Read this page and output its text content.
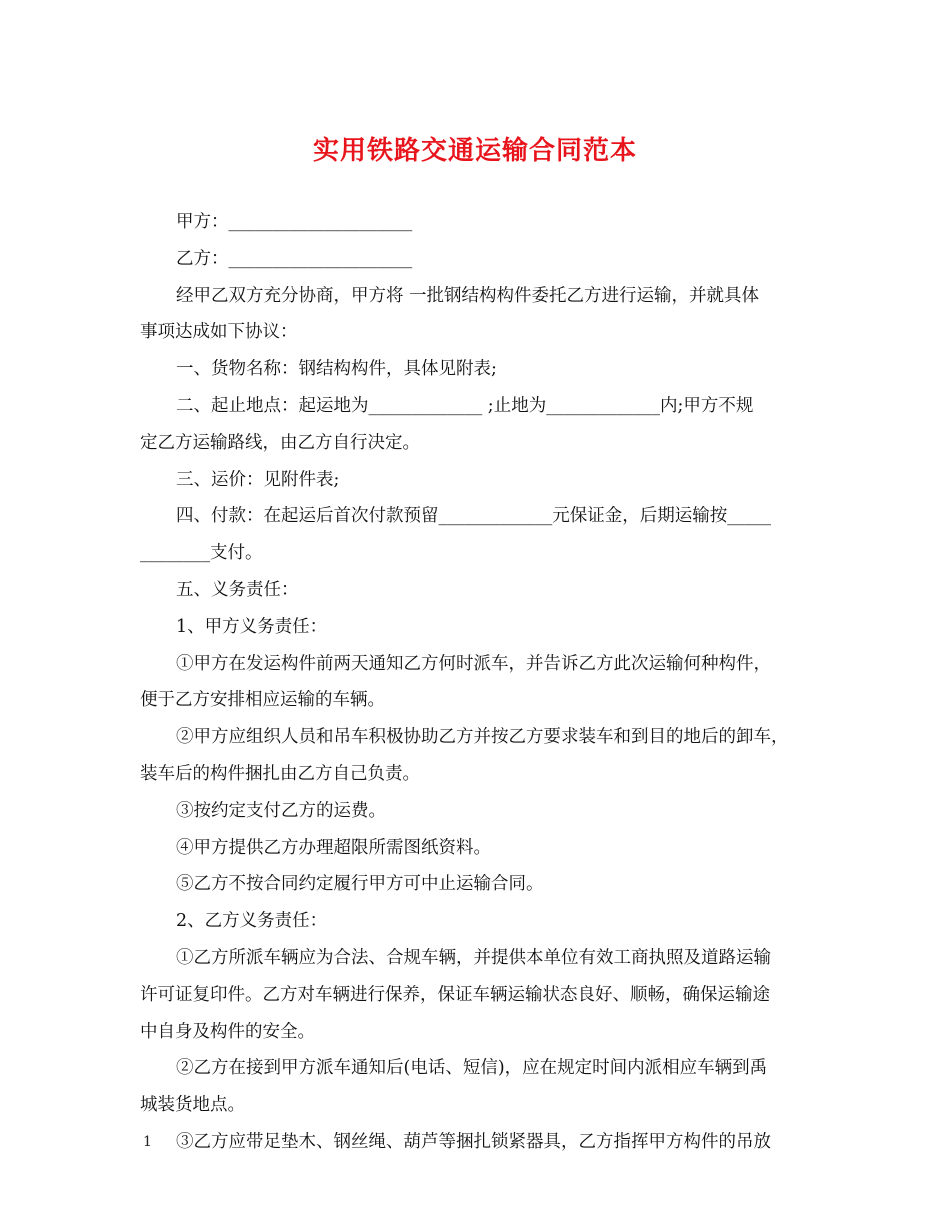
实用铁路交通运输合同范本
甲方：_____________________
乙方：_____________________
经甲乙双方充分协商，甲方将 一批钢结构构件委托乙方进行运输，并就具体
事项达成如下协议：
一、货物名称：钢结构构件，具体见附表;
二、起止地点：起运地为_____________ ;止地为_____________内;甲方不规
定乙方运输路线，由乙方自行决定。
三、运价：见附件表;
四、付款：在起运后首次付款预留_____________元保证金，后期运输按_____
________支付。
五、义务责任：
1、甲方义务责任：
①甲方在发运构件前两天通知乙方何时派车，并告诉乙方此次运输何种构件，
便于乙方安排相应运输的车辆。
②甲方应组织人员和吊车积极协助乙方并按乙方要求装车和到目的地后的卸车，
装车后的构件捆扎由乙方自己负责。
③按约定支付乙方的运费。
④甲方提供乙方办理超限所需图纸资料。
⑤乙方不按合同约定履行甲方可中止运输合同。
2、乙方义务责任：
①乙方所派车辆应为合法、合规车辆，并提供本单位有效工商执照及道路运输
许可证复印件。乙方对车辆进行保养，保证车辆运输状态良好、顺畅，确保运输途
中自身及构件的安全。
②乙方在接到甲方派车通知后(电话、短信)，应在规定时间内派相应车辆到禹
城装货地点。
③乙方应带足垫木、钢丝绳、葫芦等捆扎锁紧器具，乙方指挥甲方构件的吊放
1
